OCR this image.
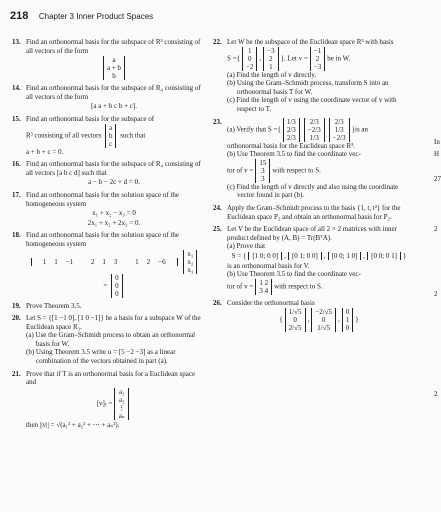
218 Chapter 3 Inner Product Spaces
13. Find an orthonormal basis for the subspace of R³ consisting of all vectors of the form
a
a + b
b
14. Find an orthonormal basis for the subspace of R₄ consisting of all vectors of the form
[a a + b c b + c].
15. Find an orthonormal basis for the subspace of
R³ consisting of all vectors
a
b
c
such that
a + b + c = 0.
16. Find an orthonormal basis for the subspace of R₄ consisting of all vectors [a b c d] such that
a − b − 2c + d = 0.
17. Find an orthonormal basis for the solution space of the homogeneous system
x₁ + x₂ − x₃ = 0
2x₁ + x₂ + 2x₃ = 0.
18. Find an orthonormal basis for the solution space of the homogeneous system
1 1 −1	2 1 3	1 2 −6
x₁
x₂
x₃
=
0
0
0
19. Prove Theorem 3.5.
20. Let S = {[1 −1 0], [1 0 −1]} be a basis for a subspace W of the Euclidean space R₃.
(a) Use the Gram–Schmidt process to obtain an orthonormal basis for W.
(b) Using Theorem 3.5 write u = [5 −2 −3] as a linear combination of the vectors obtained in part (a).
21. Prove that if T is an orthonormal basis for a Euclidean space and
[v]ₜ =
a₁
a₂
⋮
aₙ
then ||v|| = √(a₁² + a₂² + ⋯ + aₙ²).
22. Let W be the subspace of the Euclidean space R³ with basis
S ={
1
0
−2
,
−3
2
1
}. Let v =
−1
2
−3
be in W.
(a) Find the length of v directly.
(b) Using the Gram–Schmidt process, transform S into an orthonormal basis T for W.
(c) Find the length of v using the coordinate vector of v with respect to T.
23.
(a) Verify that S ={
1/3
2/3
2/3
2/3
−2/3
1/3
2/3
1/3
−2/3
}is an
orthonormal basis for the Euclidean space R³.
(b) Use Theorem 3.5 to find the coordinate vec-
tor of v =
15
3
3
with respect to S.
(c) Find the length of v directly and also using the coordinate vector found in part (b).
24. Apply the Gram–Schmidt process to the basis {1, t, t²} for the Euclidean space P₂ and obtain an orthonormal basis for P₂.
25. Let V be the Euclidean space of all 2 × 2 matrices with inner product defined by (A, B) = Tr(BᵀA).
(a) Prove that
S = { [1 0; 0 0] , [0 1; 0 0] , [0 0; 1 0] , [0 0; 0 1] }
is an orthonormal basis for V.
(b) Use Theorem 3.5 to find the coordinate vec-
tor of v = 1 2
3 4
with respect to S.
26. Consider the orthonormal basis
{
1/√5
0
2/√5
,
−2/√5
0
1/√5
,
0
1
0
}
In
H
27
2
2
2
